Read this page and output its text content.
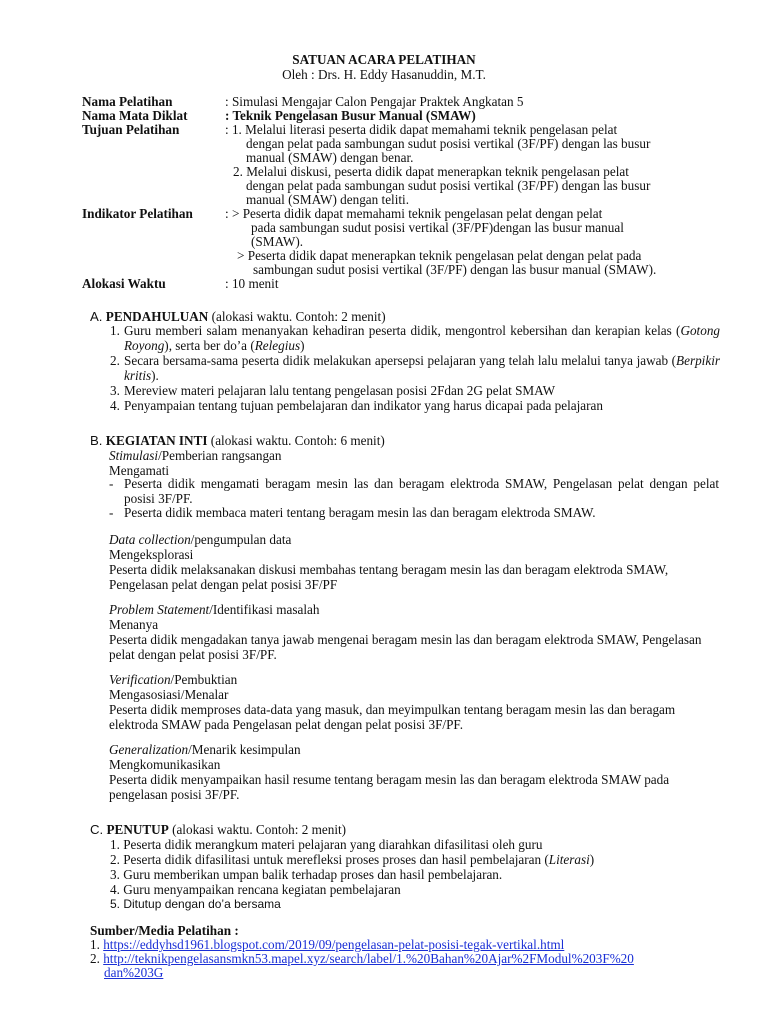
SATUAN ACARA PELATIHAN
Oleh : Drs. H. Eddy Hasanuddin, M.T.
Nama Pelatihan	: Simulasi Mengajar Calon Pengajar Praktek Angkatan 5
Nama Mata Diklat	: Teknik Pengelasan Busur Manual (SMAW)
Tujuan Pelatihan	: 1. Melalui literasi peserta didik dapat memahami teknik pengelasan pelat
dengan pelat pada sambungan sudut posisi vertikal (3F/PF) dengan las busur
manual (SMAW) dengan benar.
2. Melalui diskusi, peserta didik dapat menerapkan teknik pengelasan pelat
dengan pelat pada sambungan sudut posisi vertikal (3F/PF) dengan las busur
manual (SMAW) dengan teliti.
Indikator Pelatihan : > Peserta didik dapat memahami teknik pengelasan pelat dengan pelat
pada sambungan sudut posisi vertikal (3F/PF)dengan las busur manual
(SMAW).
> Peserta didik dapat menerapkan teknik pengelasan pelat dengan pelat pada
sambungan sudut posisi vertikal (3F/PF) dengan las busur manual (SMAW).
Alokasi Waktu	: 10 menit
A. PENDAHULUAN (alokasi waktu. Contoh: 2 menit)
1. Guru memberi salam menanyakan kehadiran peserta didik, mengontrol kebersihan dan kerapian kelas (Gotong Royong), serta ber do’a (Relegius)
2. Secara bersama-sama peserta didik melakukan apersepsi pelajaran yang telah lalu melalui tanya jawab (Berpikir kritis).
3. Mereview materi pelajaran lalu tentang pengelasan posisi 2Fdan 2G pelat SMAW
4. Penyampaian tentang tujuan pembelajaran dan indikator yang harus dicapai pada pelajaran
B. KEGIATAN INTI (alokasi waktu. Contoh: 6 menit)
Stimulasi/Pemberian rangsangan
Mengamati
- Peserta didik mengamati beragam mesin las dan beragam elektroda SMAW, Pengelasan pelat dengan pelat posisi 3F/PF.
- Peserta didik membaca materi tentang beragam mesin las dan beragam elektroda SMAW.
Data collection/pengumpulan data
Mengeksplorasi
Peserta didik melaksanakan diskusi membahas tentang beragam mesin las dan beragam elektroda SMAW, Pengelasan pelat dengan pelat posisi 3F/PF
Problem Statement/Identifikasi masalah
Menanya
Peserta didik mengadakan tanya jawab mengenai beragam mesin las dan beragam elektroda SMAW, Pengelasan pelat dengan pelat posisi 3F/PF.
Verification/Pembuktian
Mengasosiasi/Menalar
Peserta didik memproses data-data yang masuk, dan meyimpulkan tentang beragam mesin las dan beragam elektroda SMAW pada Pengelasan pelat dengan pelat posisi 3F/PF.
Generalization/Menarik kesimpulan
Mengkomunikasikan
Peserta didik menyampaikan hasil resume tentang beragam mesin las dan beragam elektroda SMAW pada pengelasan posisi 3F/PF.
C. PENUTUP (alokasi waktu. Contoh: 2 menit)
1. Peserta didik merangkum materi pelajaran yang diarahkan difasilitasi oleh guru
2. Peserta didik difasilitasi untuk merefleksi proses proses dan hasil pembelajaran (Literasi)
3. Guru memberikan umpan balik terhadap proses dan hasil pembelajaran.
4. Guru menyampaikan rencana kegiatan pembelajaran
5. Ditutup dengan do’a bersama
Sumber/Media Pelatihan :
1. https://eddyhsd1961.blogspot.com/2019/09/pengelasan-pelat-posisi-tegak-vertikal.html
2. http://teknikpengelasansmkn53.mapel.xyz/search/label/1.%20Bahan%20Ajar%2FModul%203F%20
dan%203G
